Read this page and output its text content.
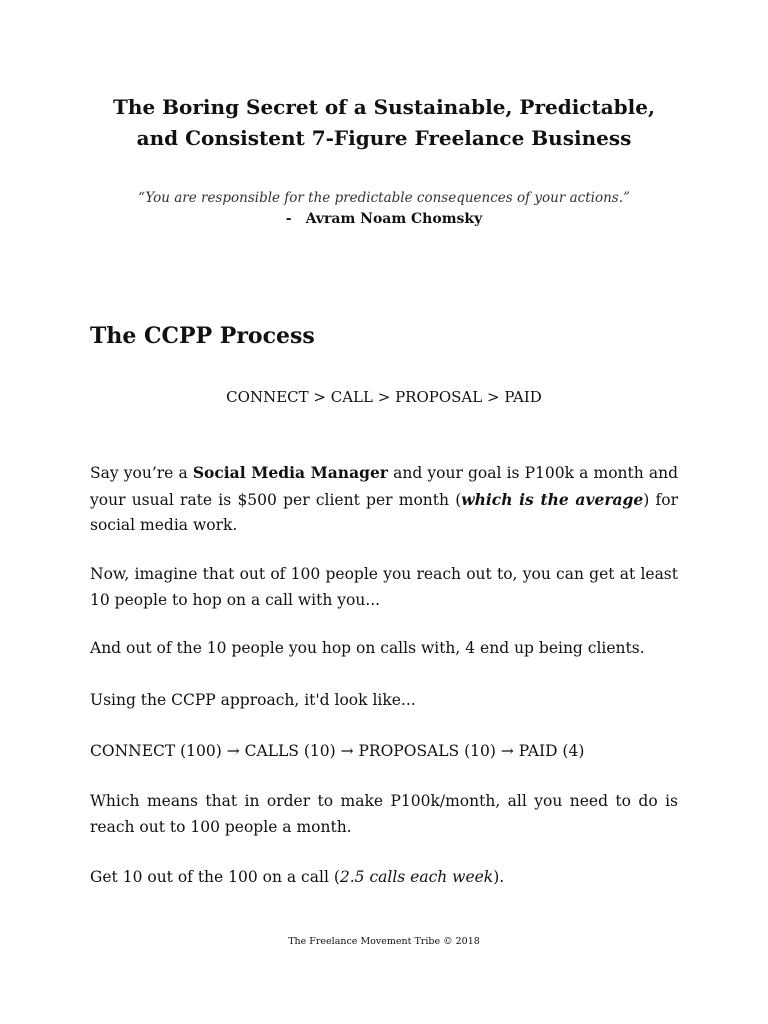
The Boring Secret of a Sustainable, Predictable,
and Consistent 7-Figure Freelance Business
“You are responsible for the predictable consequences of your actions.”
- Avram Noam Chomsky
The CCPP Process
CONNECT > CALL > PROPOSAL > PAID

Say you’re a Social Media Manager and your goal is P100k a month and your usual rate is $500 per client per month (which is the average) for social media work.

Now, imagine that out of 100 people you reach out to, you can get at least 10 people to hop on a call with you...

And out of the 10 people you hop on calls with, 4 end up being clients.

Using the CCPP approach, it'd look like...

CONNECT (100) → CALLS (10) → PROPOSALS (10) → PAID (4)

Which means that in order to make P100k/month, all you need to do is reach out to 100 people a month.

Get 10 out of the 100 on a call (2.5 calls each week).

The Freelance Movement Tribe © 2018
